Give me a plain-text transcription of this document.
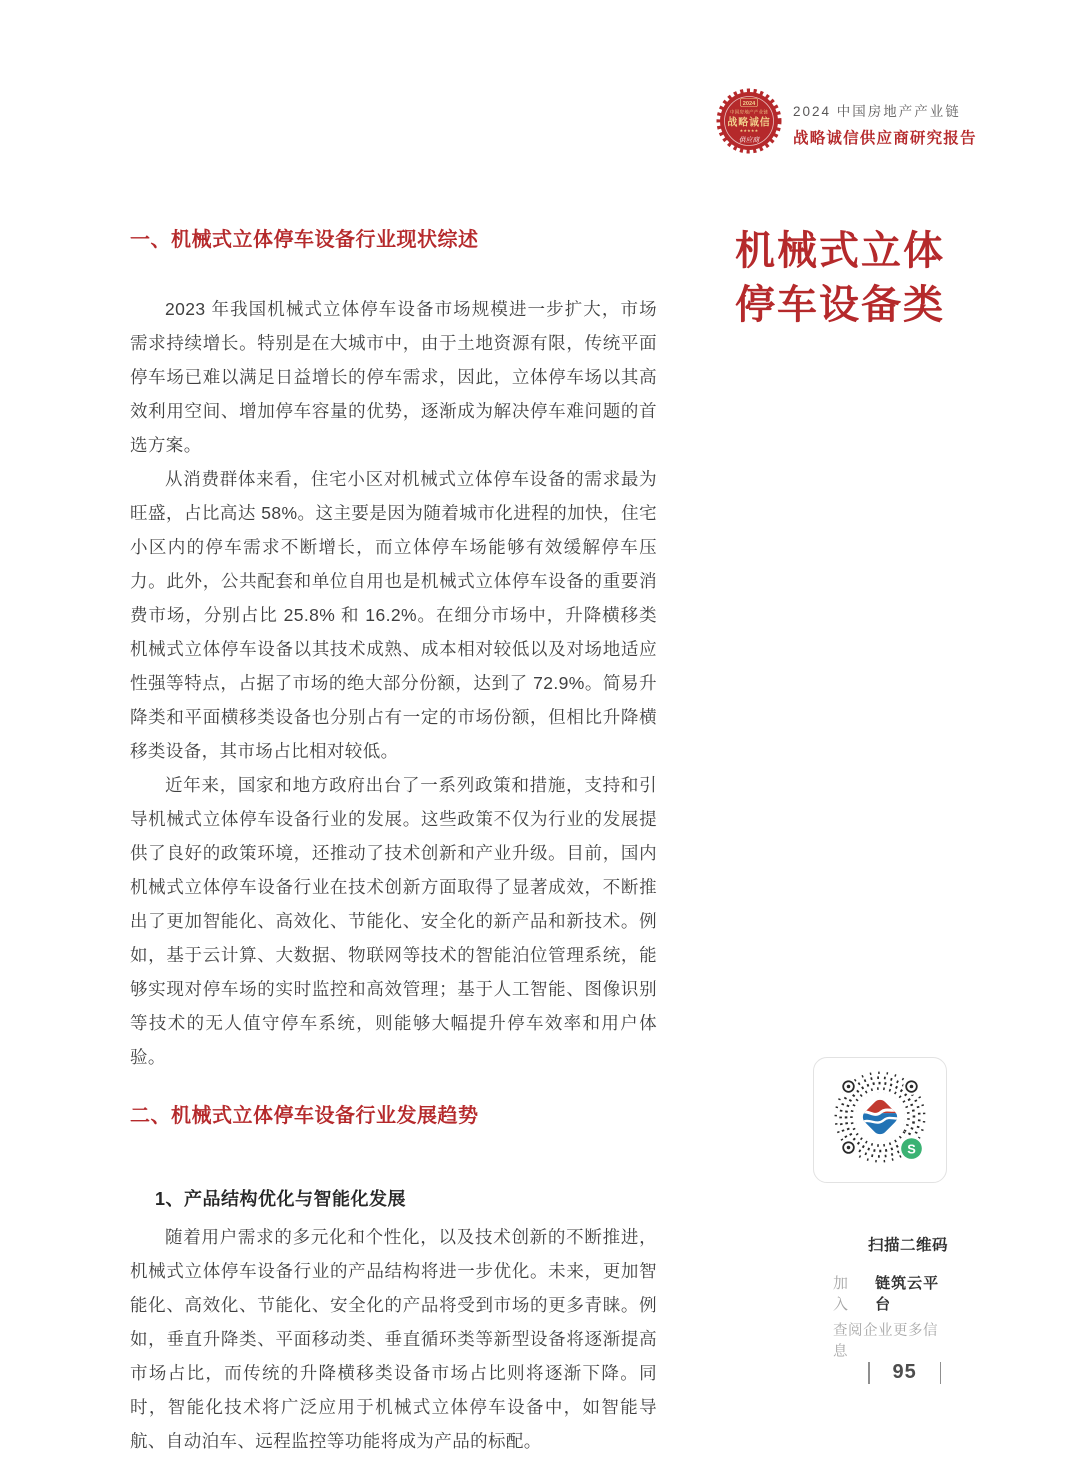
2024
中国房地产产业链
战略诚信
★★★★★
供应商
2024 中国房地产产业链
战略诚信供应商研究报告
机械式立体
停车设备类
一、机械式立体停车设备行业现状综述

2023 年我国机械式立体停车设备市场规模进一步扩大，市场需求持续增长。特别是在大城市中，由于土地资源有限，传统平面停车场已难以满足日益增长的停车需求，因此，立体停车场以其高效利用空间、增加停车容量的优势，逐渐成为解决停车难问题的首选方案。

从消费群体来看，住宅小区对机械式立体停车设备的需求最为旺盛，占比高达 58%。这主要是因为随着城市化进程的加快，住宅小区内的停车需求不断增长，而立体停车场能够有效缓解停车压力。此外，公共配套和单位自用也是机械式立体停车设备的重要消费市场，分别占比 25.8% 和 16.2%。在细分市场中，升降横移类机械式立体停车设备以其技术成熟、成本相对较低以及对场地适应性强等特点，占据了市场的绝大部分份额，达到了 72.9%。简易升降类和平面横移类设备也分别占有一定的市场份额，但相比升降横移类设备，其市场占比相对较低。

近年来，国家和地方政府出台了一系列政策和措施，支持和引导机械式立体停车设备行业的发展。这些政策不仅为行业的发展提供了良好的政策环境，还推动了技术创新和产业升级。目前，国内机械式立体停车设备行业在技术创新方面取得了显著成效，不断推出了更加智能化、高效化、节能化、安全化的新产品和新技术。例如，基于云计算、大数据、物联网等技术的智能泊位管理系统，能够实现对停车场的实时监控和高效管理；基于人工智能、图像识别等技术的无人值守停车系统，则能够大幅提升停车效率和用户体验。

二、机械式立体停车设备行业发展趋势
1、产品结构优化与智能化发展

随着用户需求的多元化和个性化，以及技术创新的不断推进，机械式立体停车设备行业的产品结构将进一步优化。未来，更加智能化、高效化、节能化、安全化的产品将受到市场的更多青睐。例如，垂直升降类、平面移动类、垂直循环类等新型设备将逐渐提高市场占比，而传统的升降横移类设备市场占比则将逐渐下降。同时，智能化技术将广泛应用于机械式立体停车设备中，如智能导航、自动泊车、远程监控等功能将成为产品的标配。

S
扫描二维码
加入
链筑云平台
查阅企业更多信息
95
